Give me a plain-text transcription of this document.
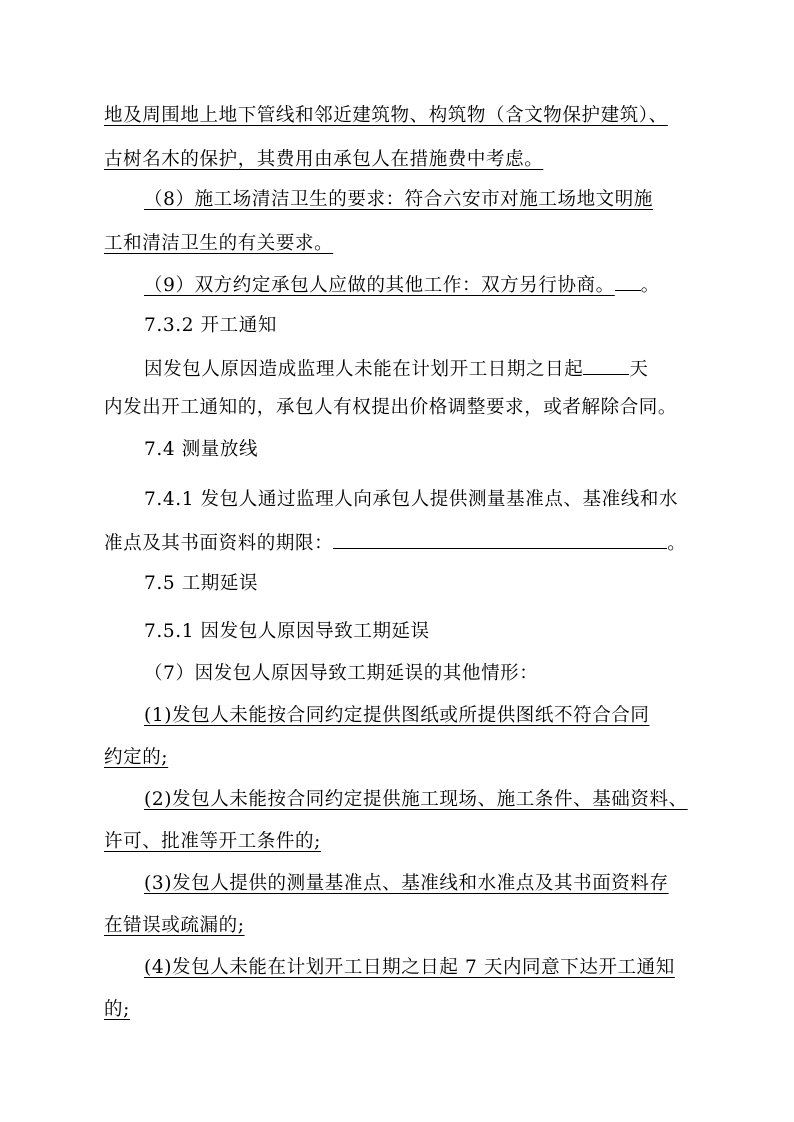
地及周围地上地下管线和邻近建筑物、构筑物（含文物保护建筑）、
古树名木的保护，其费用由承包人在措施费中考虑。
（8）施工场清洁卫生的要求：符合六安市对施工场地文明施
工和清洁卫生的有关要求。
（9）双方约定承包人应做的其他工作：双方另行协商。 。
7.3.2 开工通知
因发包人原因造成监理人未能在计划开工日期之日起 天
内发出开工通知的，承包人有权提出价格调整要求，或者解除合同。
7.4 测量放线
7.4.1 发包人通过监理人向承包人提供测量基准点、基准线和水
准点及其书面资料的期限：	。
7.5 工期延误
7.5.1 因发包人原因导致工期延误
（7）因发包人原因导致工期延误的其他情形：
(1)发包人未能按合同约定提供图纸或所提供图纸不符合合同
约定的;
(2)发包人未能按合同约定提供施工现场、施工条件、基础资料、
许可、批准等开工条件的;
(3)发包人提供的测量基准点、基准线和水准点及其书面资料存
在错误或疏漏的;
(4)发包人未能在计划开工日期之日起 7 天内同意下达开工通知
的;
